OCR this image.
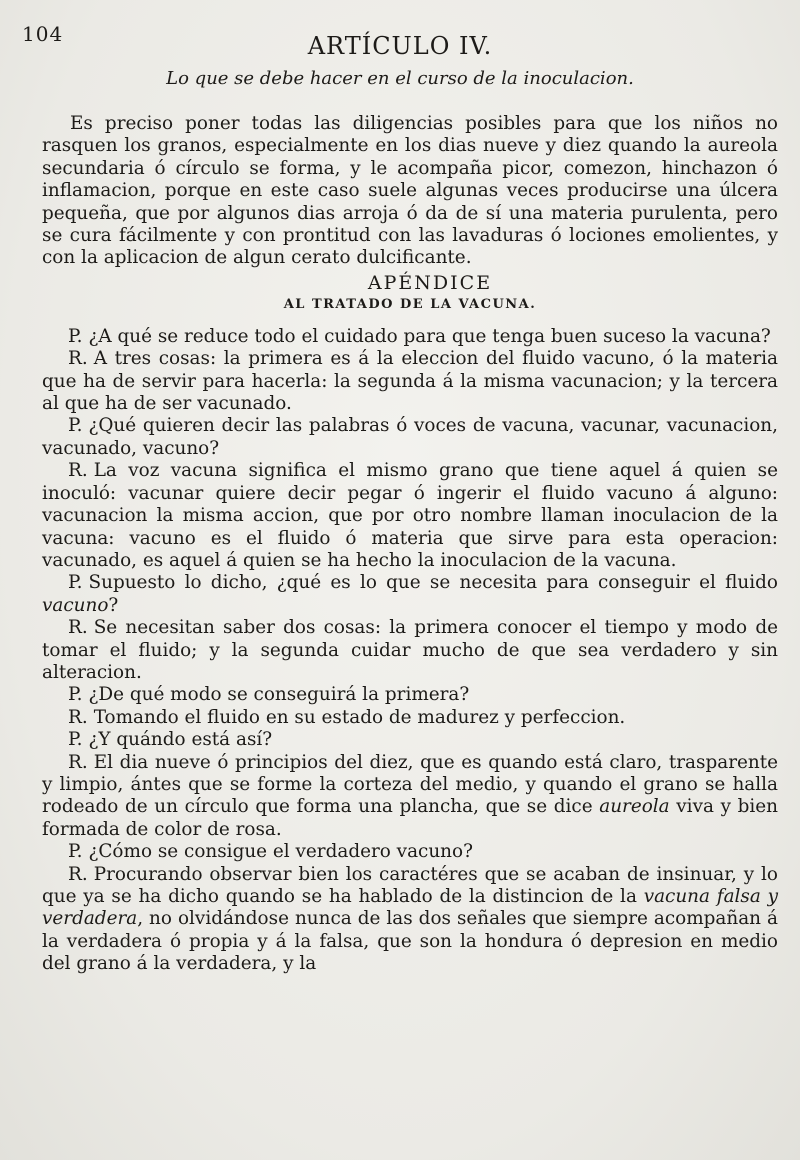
104	ARTÍCULO IV.
Lo que se debe hacer en el curso de la inoculacion.

Es preciso poner todas las diligencias posibles para que los niños no rasquen los granos, especialmente en los dias nueve y diez quando la aureola secundaria ó círculo se forma, y le acompaña picor, comezon, hinchazon ó inflamacion, porque en este caso suele algunas veces producirse una úlcera pequeña, que por algunos dias arroja ó da de sí una materia purulenta, pero se cura fácilmente y con prontitud con las lavaduras ó lociones emolientes, y con la aplicacion de algun cerato dulcificante.

APÉNDICE
AL TRATADO DE LA VACUNA.

P. ¿A qué se reduce todo el cuidado para que tenga buen suceso la vacuna?

R. A tres cosas: la primera es á la eleccion del fluido vacuno, ó la materia que ha de servir para hacerla: la segunda á la misma vacunacion; y la tercera al que ha de ser vacunado.

P. ¿Qué quieren decir las palabras ó voces de vacuna, vacunar, vacunacion, vacunado, vacuno?

R. La voz vacuna significa el mismo grano que tiene aquel á quien se inoculó: vacunar quiere decir pegar ó ingerir el fluido vacuno á alguno: vacunacion la misma accion, que por otro nombre llaman inoculacion de la vacuna: vacuno es el fluido ó materia que sirve para esta operacion: vacunado, es aquel á quien se ha hecho la inoculacion de la vacuna.

P. Supuesto lo dicho, ¿qué es lo que se necesita para conseguir el fluido vacuno?

R. Se necesitan saber dos cosas: la primera conocer el tiempo y modo de tomar el fluido; y la segunda cuidar mucho de que sea verdadero y sin alteracion.

P. ¿De qué modo se conseguirá la primera?

R. Tomando el fluido en su estado de madurez y perfeccion.

P. ¿Y quándo está así?

R. El dia nueve ó principios del diez, que es quando está claro, trasparente y limpio, ántes que se forme la corteza del medio, y quando el grano se halla rodeado de un círculo que forma una plancha, que se dice aureola viva y bien formada de color de rosa.

P. ¿Cómo se consigue el verdadero vacuno?

R. Procurando observar bien los caractéres que se acaban de insinuar, y lo que ya se ha dicho quando se ha hablado de la distincion de la vacuna falsa y verdadera, no olvidándose nunca de las dos señales que siempre acompañan á la verdadera ó propia y á la falsa, que son la hondura ó depresion en medio del grano á la verdadera, y la
